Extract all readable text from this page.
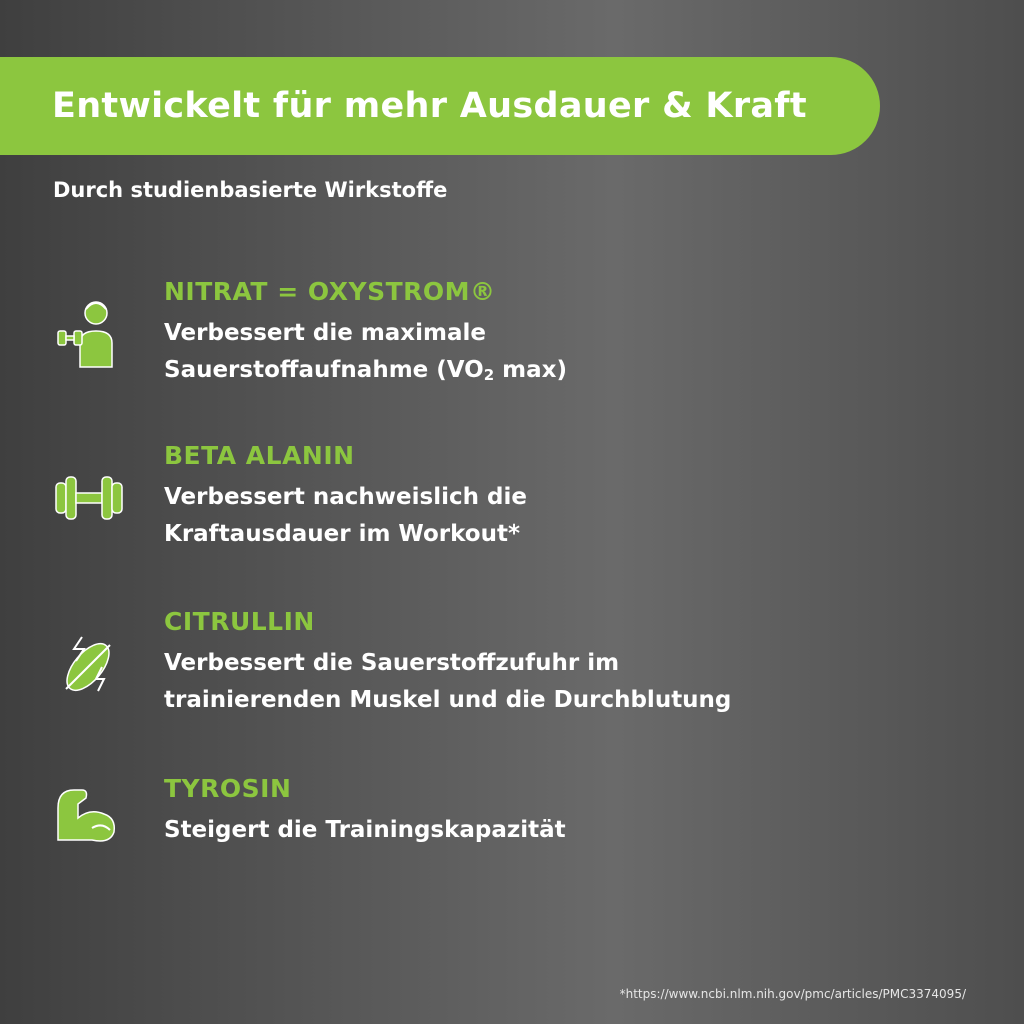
Entwickelt für mehr Ausdauer & Kraft
Durch studienbasierte Wirkstoffe
NITRAT = OXYSTROM®
Verbessert die maximale
Sauerstoffaufnahme ($VO_2$ max)
BETA ALANIN
Verbessert nachweislich die
Kraftausdauer im Workout*
CITRULLIN
Verbessert die Sauerstoffzufuhr im
trainierenden Muskel und die Durchblutung
TYROSIN
Steigert die Trainingskapazität
*https://www.ncbi.nlm.nih.gov/pmc/articles/PMC3374095/
